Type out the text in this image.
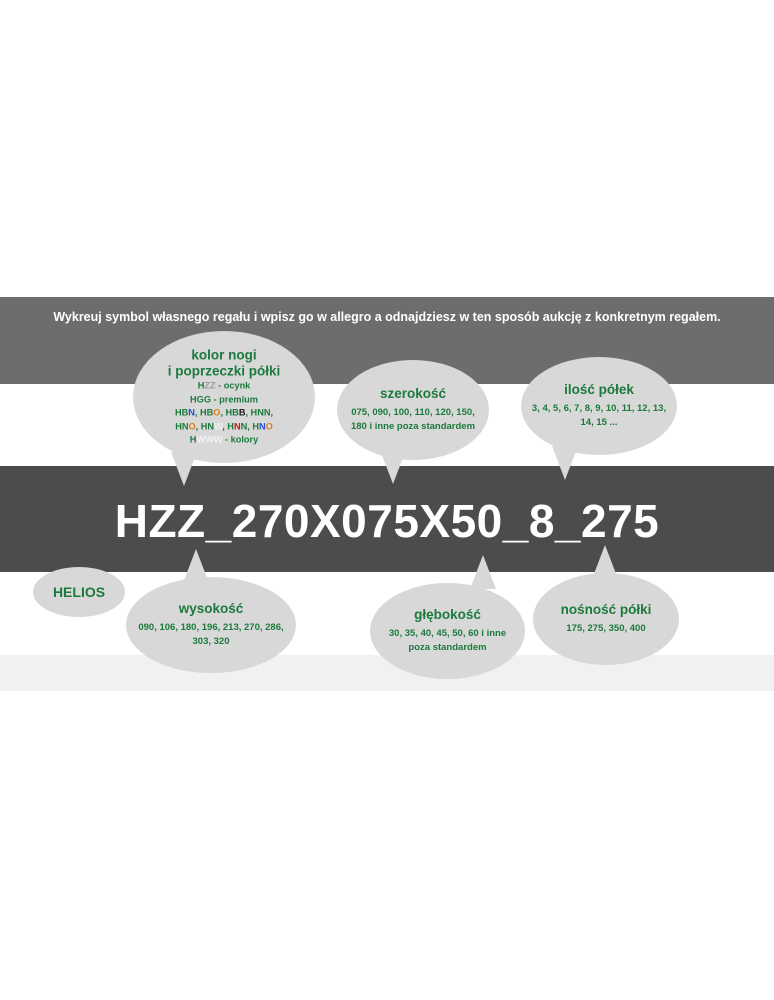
Wykreuj symbol własnego regału i wpisz go w allegro a odnajdziesz w ten sposób aukcję z konkretnym regałem.
HZZ_270X075X50_8_275
kolor nogi
i poprzeczki półki
HZZ - ocynk
HGG - premium
HBN, HBO, HBB, HNN,
HNO, HNW, HNN, HNO
HWWW - kolory
szerokość
075, 090, 100, 110, 120, 150, 180 i inne poza standardem
ilość półek
3, 4, 5, 6, 7, 8, 9, 10, 11, 12, 13, 14, 15 ...
HELIOS
wysokość
090, 106, 180, 196, 213, 270, 286, 303, 320
głębokość
30, 35, 40, 45, 50, 60 i inne poza standardem
nośność półki
175, 275, 350, 400
